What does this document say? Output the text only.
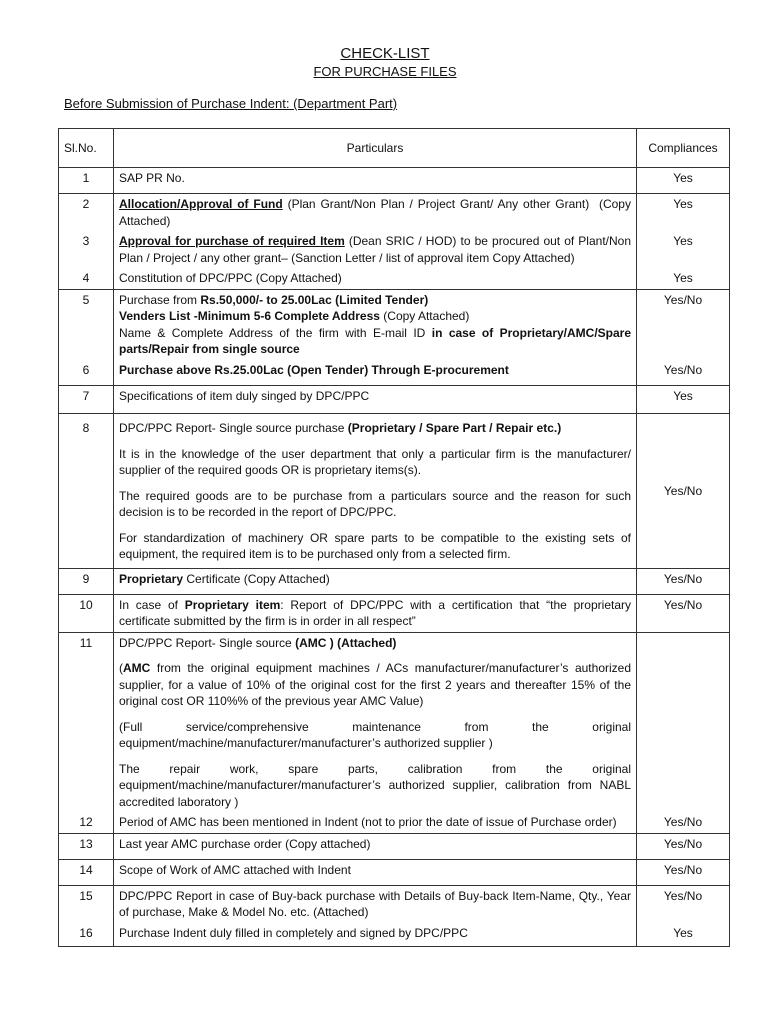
CHECK-LIST
FOR PURCHASE FILES
Before Submission of Purchase Indent: (Department Part)
Sl.No.	Particulars	Compliances
1	SAP PR No.	Yes
2	Allocation/Approval of Fund (Plan Grant/Non Plan / Project Grant/ Any other Grant)  (Copy Attached)	Yes
3	Approval for purchase of required Item (Dean SRIC / HOD) to be procured out of Plant/Non Plan / Project / any other grant– (Sanction Letter / list of approval item Copy Attached)	Yes
4	Constitution of DPC/PPC (Copy Attached)	Yes
5	Purchase from Rs.50,000/- to 25.00Lac (Limited Tender)
Venders List -Minimum 5-6 Complete Address (Copy Attached)
Name & Complete Address of the firm with E-mail ID in case of Proprietary/AMC/Spare parts/Repair from single source	Yes/No
6	Purchase above Rs.25.00Lac (Open Tender) Through E-procurement	Yes/No
7	Specifications of item duly singed by DPC/PPC	Yes
8	DPC/PPC Report- Single source purchase (Proprietary / Spare Part / Repair etc.)
It is in the knowledge of the user department that only a particular firm is the manufacturer/ supplier of the required goods OR is proprietary items(s).
The required goods are to be purchase from a particulars source and the reason for such decision is to be recorded in the report of DPC/PPC.
For standardization of machinery OR spare parts to be compatible to the existing sets of equipment, the required item is to be purchased only from a selected firm.	Yes/No
9	Proprietary Certificate (Copy Attached)	Yes/No
10	In case of Proprietary item: Report of DPC/PPC with a certification that “the proprietary certificate submitted by the firm is in order in all respect”	Yes/No
11	DPC/PPC Report- Single source (AMC ) (Attached)
(AMC from the original equipment machines / ACs manufacturer/manufacturer’s authorized supplier, for a value of 10% of the original cost for the first 2 years and thereafter 15% of the original cost OR 110%% of the previous year AMC Value)
(Full service/comprehensive maintenance from the original equipment/machine/manufacturer/manufacturer’s authorized supplier )
The repair work, spare parts, calibration from the original equipment/machine/manufacturer/manufacturer’s authorized supplier, calibration from NABL accredited laboratory )	

12	Period of AMC has been mentioned in Indent (not to prior the date of issue of Purchase order)	Yes/No
13	Last year AMC purchase order (Copy attached)	Yes/No
14	Scope of Work of AMC attached with Indent	Yes/No
15	DPC/PPC Report in case of Buy-back purchase with Details of Buy-back Item-Name, Qty., Year of purchase, Make & Model No. etc. (Attached)	Yes/No
16	Purchase Indent duly filled in completely and signed by DPC/PPC	Yes
